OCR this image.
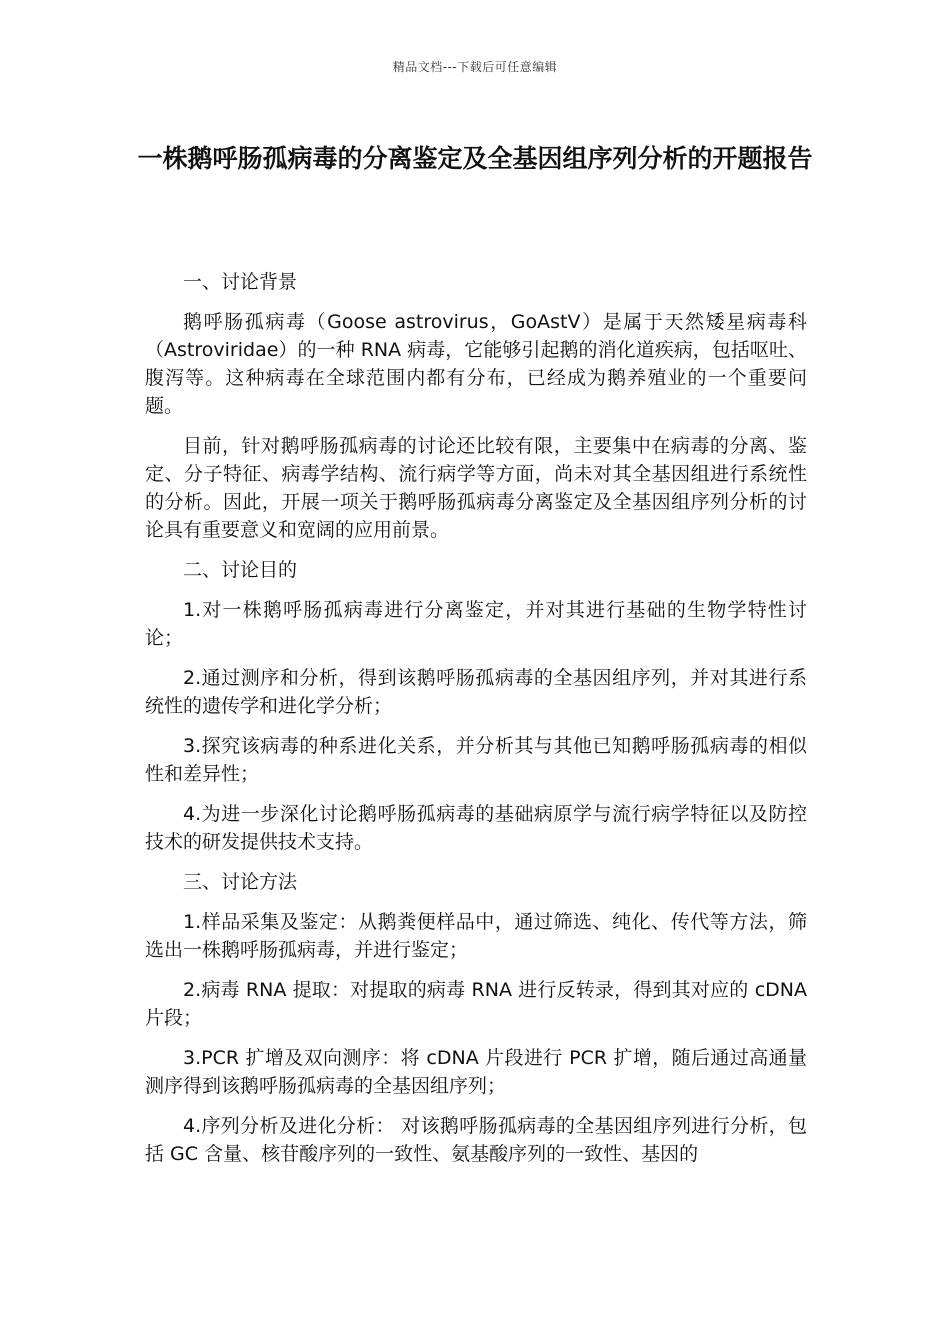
精品文档---下载后可任意编辑
一株鹅呼肠孤病毒的分离鉴定及全基因组序列分析的开题报告

一、讨论背景

鹅呼肠孤病毒（Goose astrovirus，GoAstV）是属于天然矮星病毒科（Astroviridae）的一种 RNA 病毒，它能够引起鹅的消化道疾病，包括呕吐、腹泻等。这种病毒在全球范围内都有分布，已经成为鹅养殖业的一个重要问题。

目前，针对鹅呼肠孤病毒的讨论还比较有限，主要集中在病毒的分离、鉴定、分子特征、病毒学结构、流行病学等方面，尚未对其全基因组进行系统性的分析。因此，开展一项关于鹅呼肠孤病毒分离鉴定及全基因组序列分析的讨论具有重要意义和宽阔的应用前景。

二、讨论目的

1.对一株鹅呼肠孤病毒进行分离鉴定，并对其进行基础的生物学特性讨论；

2.通过测序和分析，得到该鹅呼肠孤病毒的全基因组序列，并对其进行系统性的遗传学和进化学分析；

3.探究该病毒的种系进化关系，并分析其与其他已知鹅呼肠孤病毒的相似性和差异性；

4.为进一步深化讨论鹅呼肠孤病毒的基础病原学与流行病学特征以及防控技术的研发提供技术支持。

三、讨论方法

1.样品采集及鉴定：从鹅粪便样品中，通过筛选、纯化、传代等方法，筛选出一株鹅呼肠孤病毒，并进行鉴定；

2.病毒 RNA 提取：对提取的病毒 RNA 进行反转录，得到其对应的 cDNA 片段；

3.PCR 扩增及双向测序：将 cDNA 片段进行 PCR 扩增，随后通过高通量测序得到该鹅呼肠孤病毒的全基因组序列；

4.序列分析及进化分析： 对该鹅呼肠孤病毒的全基因组序列进行分析，包括 GC 含量、核苷酸序列的一致性、氨基酸序列的一致性、基因的
